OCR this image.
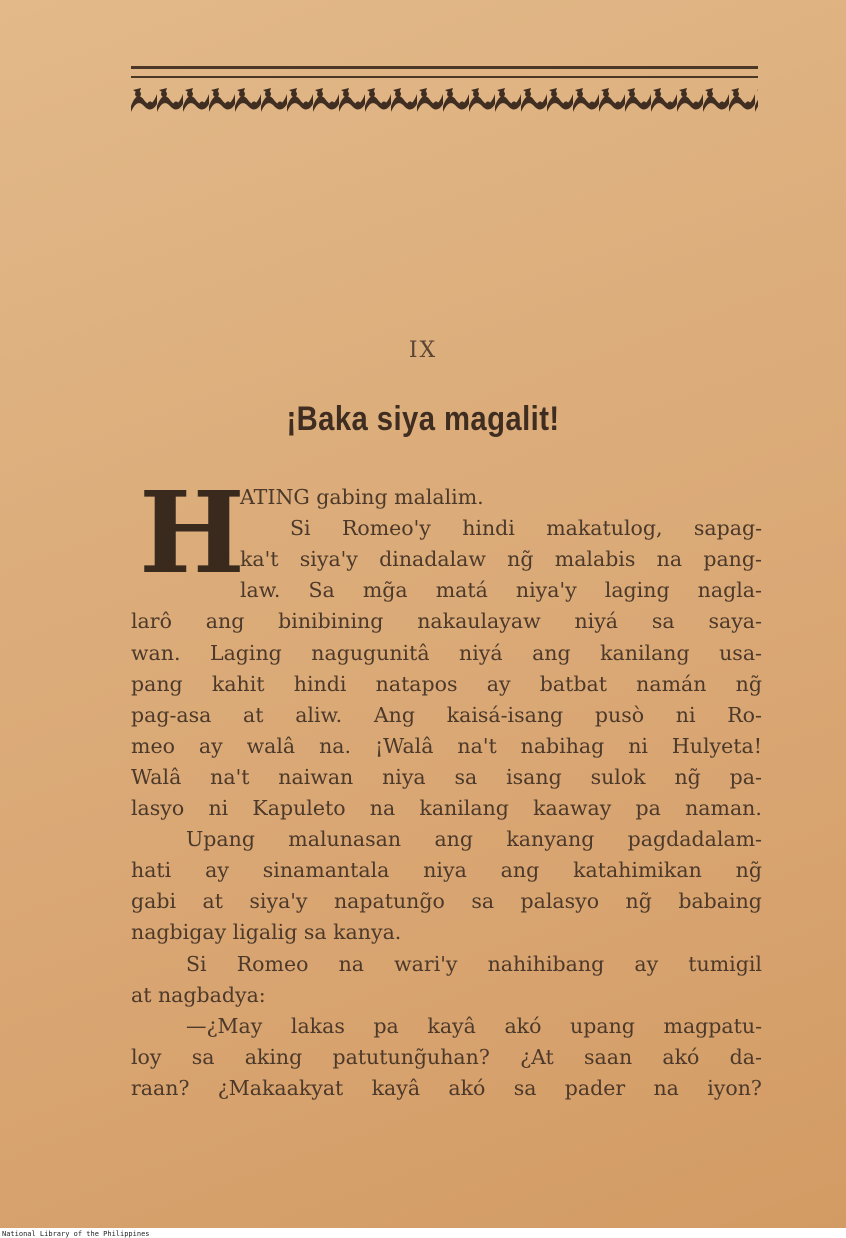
IX
¡Baka siya magalit!
H
ATING gabing malalim.
Si Romeo'y hindi makatulog, sapag-
ka't siya'y dinadalaw ng̃ malabis na pang-
law. Sa mg̃a matá niya'y laging nagla-
larô ang binibining nakaulayaw niyá sa saya-
wan. Laging nagugunitâ niyá ang kanilang usa-
pang kahit hindi natapos ay batbat namán ng̃
pag-asa at aliw. Ang kaisá-isang pusò ni Ro-
meo ay walâ na. ¡Walâ na't nabihag ni Hulyeta!
Walâ na't naiwan niya sa isang sulok ng̃ pa-
lasyo ni Kapuleto na kanilang kaaway pa naman.
Upang malunasan ang kanyang pagdadalam-
hati ay sinamantala niya ang katahimikan ng̃
gabi at siya'y napatung̃o sa palasyo ng̃ babaing
nagbigay ligalig sa kanya.
Si Romeo na wari'y nahihibang ay tumigil
at nagbadya:
—¿May lakas pa kayâ akó upang magpatu-
loy sa aking patutung̃uhan? ¿At saan akó da-
raan? ¿Makaakyat kayâ akó sa pader na iyon?
National Library of the Philippines
